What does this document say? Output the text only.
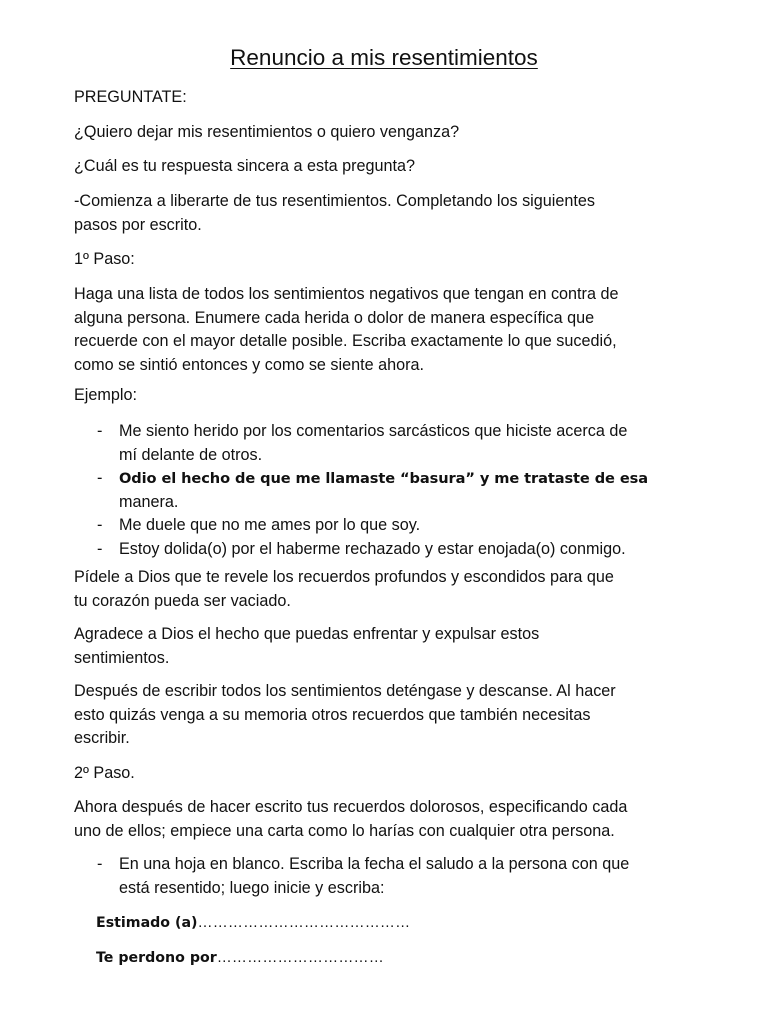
Renuncio a mis resentimientos

PREGUNTATE:

¿Quiero dejar mis resentimientos o quiero venganza?

¿Cuál es tu respuesta sincera a esta pregunta?

-Comienza a liberarte de tus resentimientos. Completando los siguientes
pasos por escrito.

1º Paso:

Haga una lista de todos los sentimientos negativos que tengan en contra de
alguna persona. Enumere cada herida o dolor de manera específica que
recuerde con el mayor detalle posible. Escriba exactamente lo que sucedió,
como se sintió entonces y como se siente ahora.

Ejemplo:

- Me siento herido por los comentarios sarcásticos que hiciste acerca de
mí delante de otros.
- Odio el hecho de que me llamaste “basura” y me trataste de esa
manera.
- Me duele que no me ames por lo que soy.
- Estoy dolida(o) por el haberme rechazado y estar enojada(o) conmigo.
Pídele a Dios que te revele los recuerdos profundos y escondidos para que
tu corazón pueda ser vaciado.
Agradece a Dios el hecho que puedas enfrentar y expulsar estos
sentimientos.
Después de escribir todos los sentimientos deténgase y descanse. Al hacer
esto quizás venga a su memoria otros recuerdos que también necesitas
escribir.

2º Paso.

Ahora después de hacer escrito tus recuerdos dolorosos, especificando cada
uno de ellos; empiece una carta como lo harías con cualquier otra persona.
- En una hoja en blanco. Escriba la fecha el saludo a la persona con que
está resentido; luego inicie y escriba:
Estimado (a)……………………………………
Te perdono por……………………………
